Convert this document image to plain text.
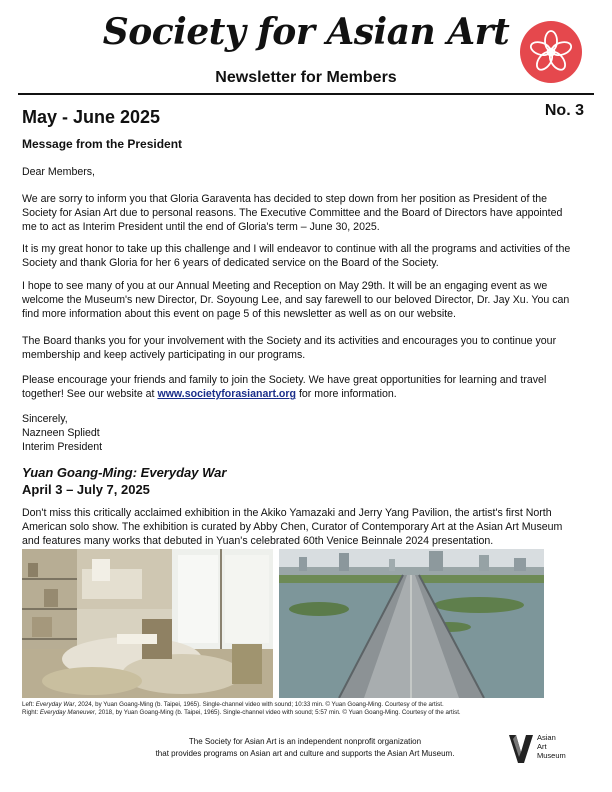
Society for Asian Art
Newsletter for Members
May - June 2025	No. 3
Message from the President
Dear Members,
We are sorry to inform you that Gloria Garaventa has decided to step down from her position as President of the Society for Asian Art due to personal reasons. The Executive Committee and the Board of Directors have appointed me to act as Interim President until the end of Gloria's term – June 30, 2025.
It is my great honor to take up this challenge and I will endeavor to continue with all the programs and activities of the Society and thank Gloria for her 6 years of dedicated service on the Board of the Society.
I hope to see many of you at our Annual Meeting and Reception on May 29th. It will be an engaging event as we welcome the Museum's new Director, Dr. Soyoung Lee, and say farewell to our beloved Director, Dr. Jay Xu. You can find more information about this event on page 5 of this newsletter as well as on our website.
The Board thanks you for your involvement with the Society and its activities and encourages you to continue your membership and keep actively participating in our programs.
Please encourage your friends and family to join the Society. We have great opportunities for learning and travel together! See our website at www.societyforasianart.org for more information.

Sincerely,

Nazneen Spliedt

Interim President

Yuan Goang-Ming: Everyday War
April 3 – July 7, 2025
Don't miss this critically acclaimed exhibition in the Akiko Yamazaki and Jerry Yang Pavilion, the artist's first North American solo show. The exhibition is curated by Abby Chen, Curator of Contemporary Art at the Asian Art Museum and features many works that debuted in Yuan's celebrated 60th Venice Beinnale 2024 presentation.
Left: Everyday War, 2024, by Yuan Goang-Ming (b. Taipei, 1965). Single-channel video with sound; 10:33 min. © Yuan Goang-Ming. Courtesy of the artist.
Right: Everyday Maneuver, 2018, by Yuan Goang-Ming (b. Taipei, 1965). Single-channel video with sound; 5:57 min. © Yuan Goang-Ming. Courtesy of the artist.
The Society for Asian Art is an independent nonprofit organization
that provides programs on Asian art and culture and supports the Asian Art Museum.
Asian
Art
Museum
